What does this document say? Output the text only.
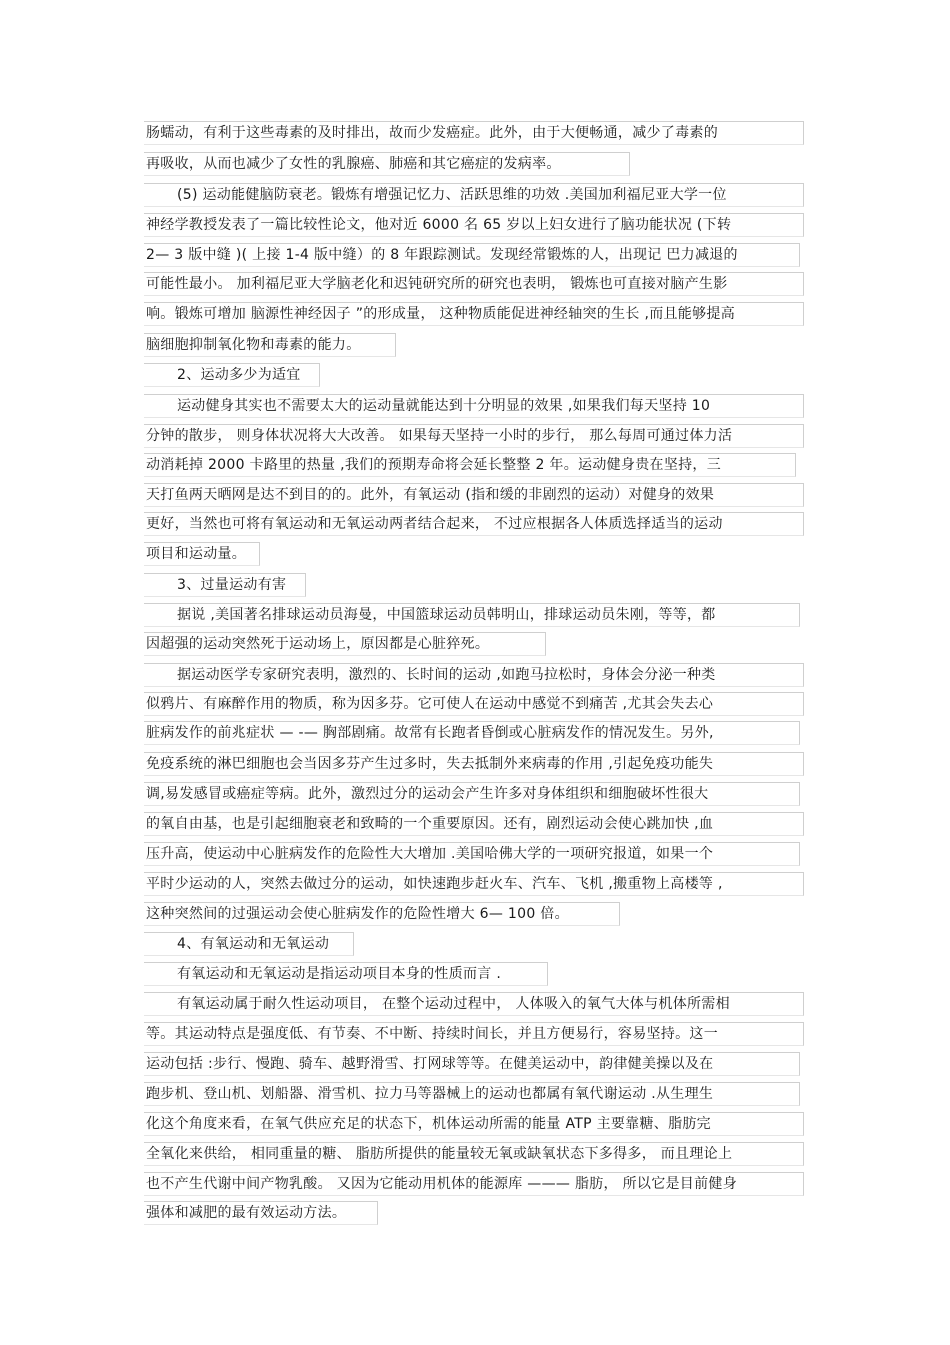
肠蠕动，有利于这些毒素的及时排出，故而少发癌症。此外，由于大便畅通，减少了毒素的
再吸收，从而也减少了女性的乳腺癌、肺癌和其它癌症的发病率。
(5) 运动能健脑防衰老。锻炼有增强记忆力、活跃思维的功效 .美国加利福尼亚大学一位
神经学教授发表了一篇比较性论文，他对近 6000 名 65 岁以上妇女进行了脑功能状况 (下转
2— 3 版中缝 )( 上接 1-4 版中缝）的 8 年跟踪测试。发现经常锻炼的人，出现记 巴力减退的
可能性最小。 加利福尼亚大学脑老化和迟钝研究所的研究也表明， 锻炼也可直接对脑产生影
响。锻炼可增加 脑源性神经因子 ”的形成量， 这种物质能促进神经轴突的生长 ,而且能够提高
脑细胞抑制氧化物和毒素的能力。
2、运动多少为适宜
运动健身其实也不需要太大的运动量就能达到十分明显的效果 ,如果我们每天坚持 10
分钟的散步， 则身体状况将大大改善。 如果每天坚持一小时的步行， 那么每周可通过体力活
动消耗掉 2000 卡路里的热量 ,我们的预期寿命将会延长整整 2 年。运动健身贵在坚持，三
天打鱼两天晒网是达不到目的的。此外，有氧运动 (指和缓的非剧烈的运动）对健身的效果
更好，当然也可将有氧运动和无氧运动两者结合起来， 不过应根据各人体质选择适当的运动
项目和运动量。
3、过量运动有害
据说 ,美国著名排球运动员海曼，中国篮球运动员韩明山，排球运动员朱刚，等等，都
因超强的运动突然死于运动场上，原因都是心脏猝死。
据运动医学专家研究表明，激烈的、长时间的运动 ,如跑马拉松时，身体会分泌一种类
似鸦片、有麻醉作用的物质，称为因多芬。它可使人在运动中感觉不到痛苦 ,尤其会失去心
脏病发作的前兆症状 — -— 胸部剧痛。故常有长跑者昏倒或心脏病发作的情况发生。另外,
免疫系统的淋巴细胞也会当因多芬产生过多时，失去抵制外来病毒的作用 ,引起免疫功能失
调,易发感冒或癌症等病。此外，激烈过分的运动会产生许多对身体组织和细胞破坏性很大
的氧自由基，也是引起细胞衰老和致畸的一个重要原因。还有，剧烈运动会使心跳加快 ,血
压升高，使运动中心脏病发作的危险性大大增加 .美国哈佛大学的一项研究报道，如果一个
平时少运动的人，突然去做过分的运动，如快速跑步赶火车、汽车、飞机 ,搬重物上高楼等 ,
这种突然间的过强运动会使心脏病发作的危险性增大 6— 100 倍。
4、有氧运动和无氧运动
有氧运动和无氧运动是指运动项目本身的性质而言 .
有氧运动属于耐久性运动项目， 在整个运动过程中， 人体吸入的氧气大体与机体所需相
等。其运动特点是强度低、有节奏、不中断、持续时间长，并且方便易行，容易坚持。这一
运动包括 :步行、慢跑、骑车、越野滑雪、打网球等等。在健美运动中，韵律健美操以及在
跑步机、登山机、划船器、滑雪机、拉力马等器械上的运动也都属有氧代谢运动 .从生理生
化这个角度来看，在氧气供应充足的状态下，机体运动所需的能量 ATP 主要靠糖、脂肪完
全氧化来供给， 相同重量的糖、 脂肪所提供的能量较无氧或缺氧状态下多得多， 而且理论上
也不产生代谢中间产物乳酸。 又因为它能动用机体的能源库 ——— 脂肪， 所以它是目前健身
强体和减肥的最有效运动方法。
